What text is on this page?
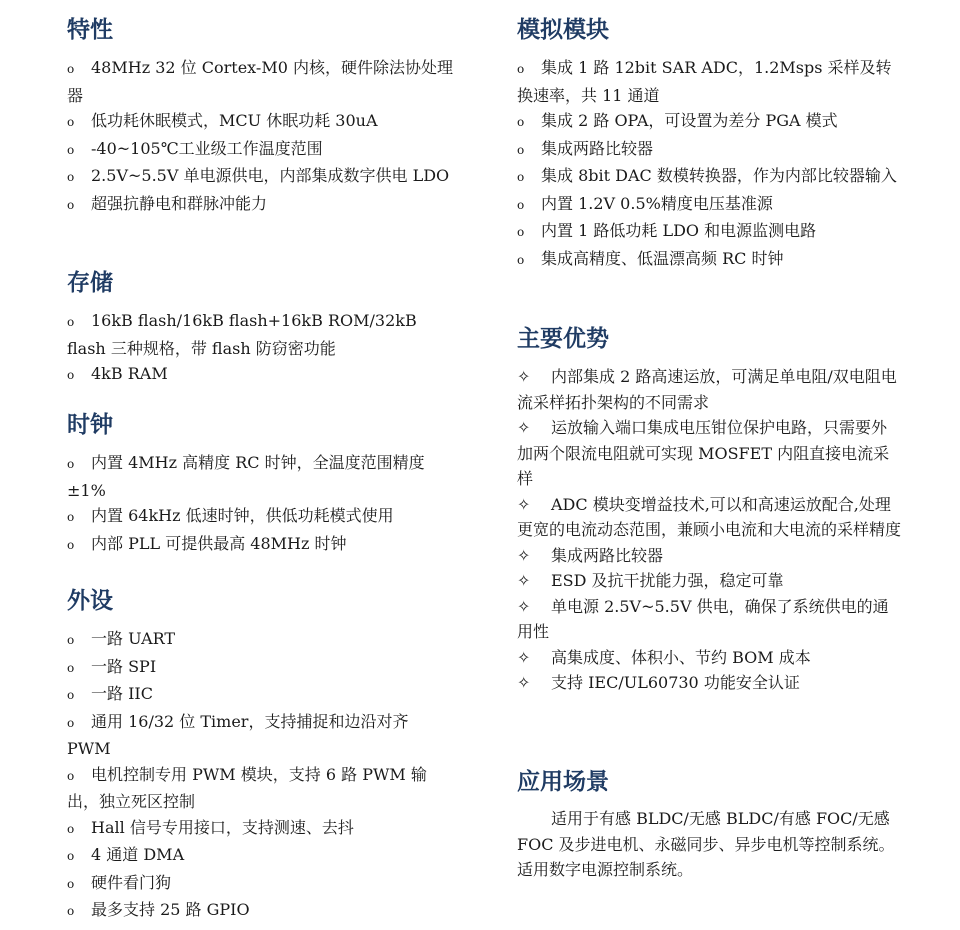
特性
o 48MHz 32 位 Cortex-M0 内核，硬件除法协处理器
o 低功耗休眠模式，MCU 休眠功耗 30uA
o -40~105℃工业级工作温度范围
o 2.5V~5.5V 单电源供电，内部集成数字供电 LDO
o 超强抗静电和群脉冲能力
存储
o 16kB flash/16kB flash+16kB ROM/32kB flash 三种规格，带 flash 防窃密功能
o 4kB RAM
时钟
o 内置 4MHz 高精度 RC 时钟，全温度范围精度 ±1%
o 内置 64kHz 低速时钟，供低功耗模式使用
o 内部 PLL 可提供最高 48MHz 时钟
外设
o 一路 UART
o 一路 SPI
o 一路 IIC
o 通用 16/32 位 Timer，支持捕捉和边沿对齐 PWM
o 电机控制专用 PWM 模块，支持 6 路 PWM 输出，独立死区控制
o Hall 信号专用接口，支持测速、去抖
o 4 通道 DMA
o 硬件看门狗
o 最多支持 25 路 GPIO
模拟模块
o 集成 1 路 12bit SAR ADC，1.2Msps 采样及转换速率，共 11 通道
o 集成 2 路 OPA，可设置为差分 PGA 模式
o 集成两路比较器
o 集成 8bit DAC 数模转换器，作为内部比较器输入
o 内置 1.2V 0.5%精度电压基准源
o 内置 1 路低功耗 LDO 和电源监测电路
o 集成高精度、低温漂高频 RC 时钟
主要优势
✧ 内部集成 2 路高速运放，可满足单电阻/双电阻电流采样拓扑架构的不同需求
✧ 运放输入端口集成电压钳位保护电路，只需要外加两个限流电阻就可实现 MOSFET 内阻直接电流采样
✧ ADC 模块变增益技术,可以和高速运放配合,处理更宽的电流动态范围，兼顾小电流和大电流的采样精度
✧ 集成两路比较器
✧ ESD 及抗干扰能力强，稳定可靠
✧ 单电源 2.5V~5.5V 供电，确保了系统供电的通用性
✧ 高集成度、体积小、节约 BOM 成本
✧ 支持 IEC/UL60730 功能安全认证
应用场景

适用于有感 BLDC/无感 BLDC/有感 FOC/无感 FOC 及步进电机、永磁同步、异步电机等控制系统。适用数字电源控制系统。
